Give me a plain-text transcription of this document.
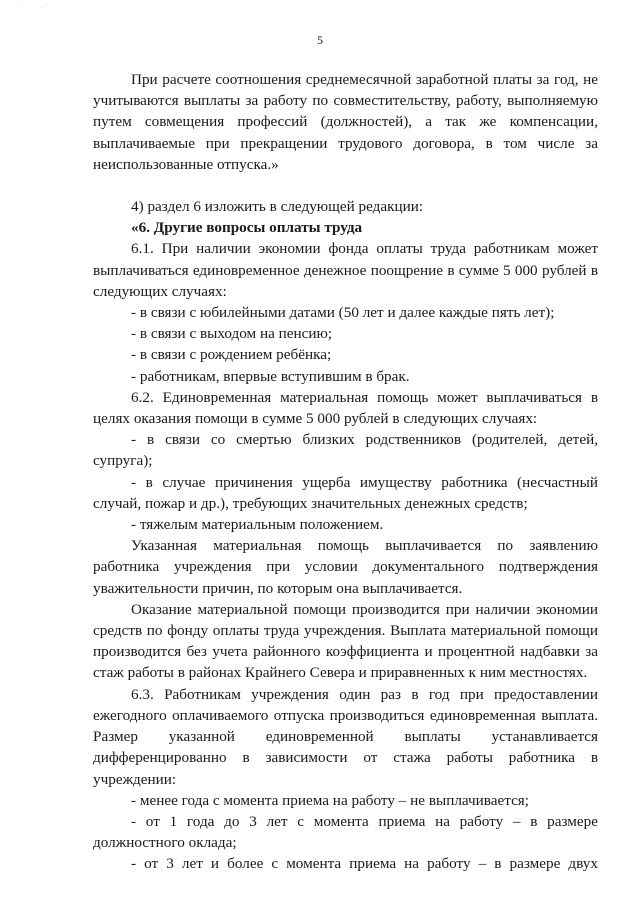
. .
5

При расчете соотношения среднемесячной заработной платы за год, не учитываются выплаты за работу по совместительству, работу, выполняемую путем совмещения профессий (должностей), а так же компенсации, выплачиваемые при прекращении трудового договора, в том числе за неиспользованные отпуска.»

4) раздел 6 изложить в следующей редакции:

«6. Другие вопросы оплаты труда

6.1. При наличии экономии фонда оплаты труда работникам может выплачиваться единовременное денежное поощрение в сумме 5 000 рублей в следующих случаях:

- в связи с юбилейными датами (50 лет и далее каждые пять лет);

- в связи с выходом на пенсию;

- в связи с рождением ребёнка;

- работникам, впервые вступившим в брак.

6.2. Единовременная материальная помощь может выплачиваться в целях оказания помощи в сумме 5 000 рублей в следующих случаях:

- в связи со смертью близких родственников (родителей, детей, супруга);

- в случае причинения ущерба имуществу работника (несчастный случай, пожар и др.), требующих значительных денежных средств;

- тяжелым материальным положением.

Указанная материальная помощь выплачивается по заявлению работника учреждения при условии документального подтверждения уважительности причин, по которым она выплачивается.

Оказание материальной помощи производится при наличии экономии средств по фонду оплаты труда учреждения. Выплата материальной помощи производится без учета районного коэффициента и процентной надбавки за стаж работы в районах Крайнего Севера и приравненных к ним местностях.

6.3. Работникам учреждения один раз в год при предоставлении ежегодного оплачиваемого отпуска производиться единовременная выплата. Размер указанной единовременной выплаты устанавливается дифференцированно в зависимости от стажа работы работника в учреждении:

- менее года с момента приема на работу – не выплачивается;

- от 1 года до 3 лет с момента приема на работу – в размере должностного оклада;

- от 3 лет и более с момента приема на работу – в размере двух
